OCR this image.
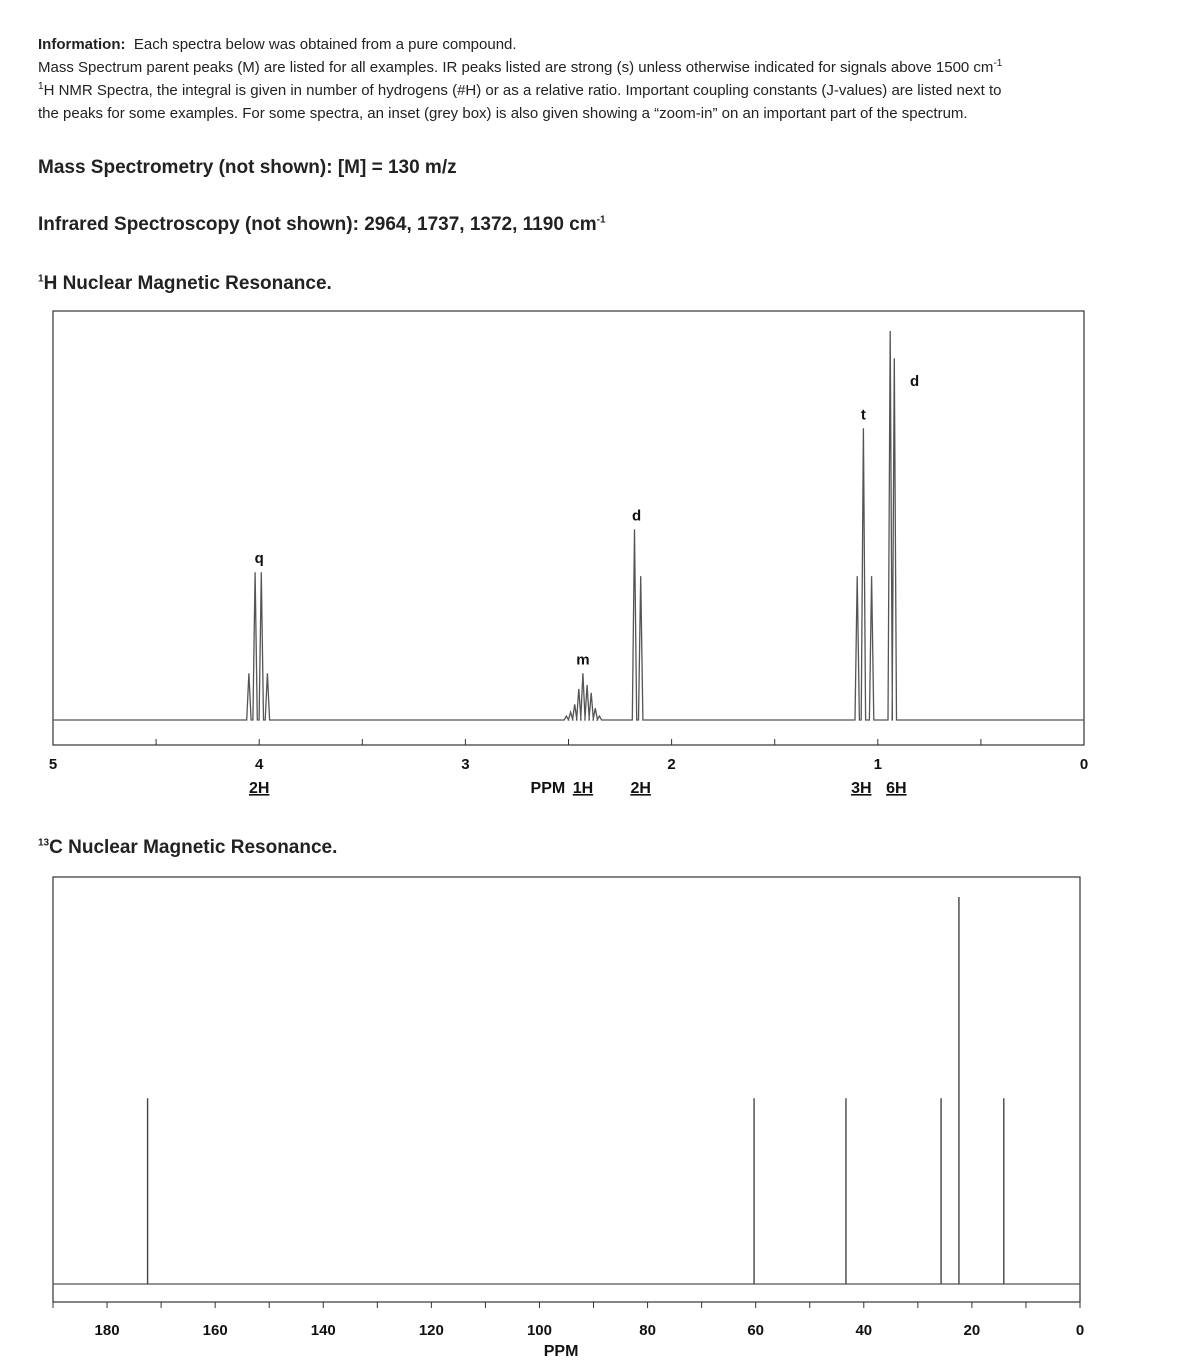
Information: Each spectra below was obtained from a pure compound.

Mass Spectrum parent peaks (M) are listed for all examples. IR peaks listed are strong (s) unless otherwise indicated for signals above 1500 $cm^{-1}$

$^1$H NMR Spectra, the integral is given in number of hydrogens (#H) or as a relative ratio. Important coupling constants (J-values) are listed next to

the peaks for some examples. For some spectra, an inset (grey box) is also given showing a “zoom-in” on an important part of the spectrum.

Mass Spectrometry (not shown): [M] = 130 m/z
Infrared Spectroscopy (not shown): 2964, 1737, 1372, 1190 $cm^{-1}$
$^1$H Nuclear Magnetic Resonance.
$^{13}$C Nuclear Magnetic Resonance.
5	4	3	2	1	0
q
m
d
t
d
2H	1H 2H	3H 6H
PPM
180	160	140	120	100	80	60	40	20	0
PPM
